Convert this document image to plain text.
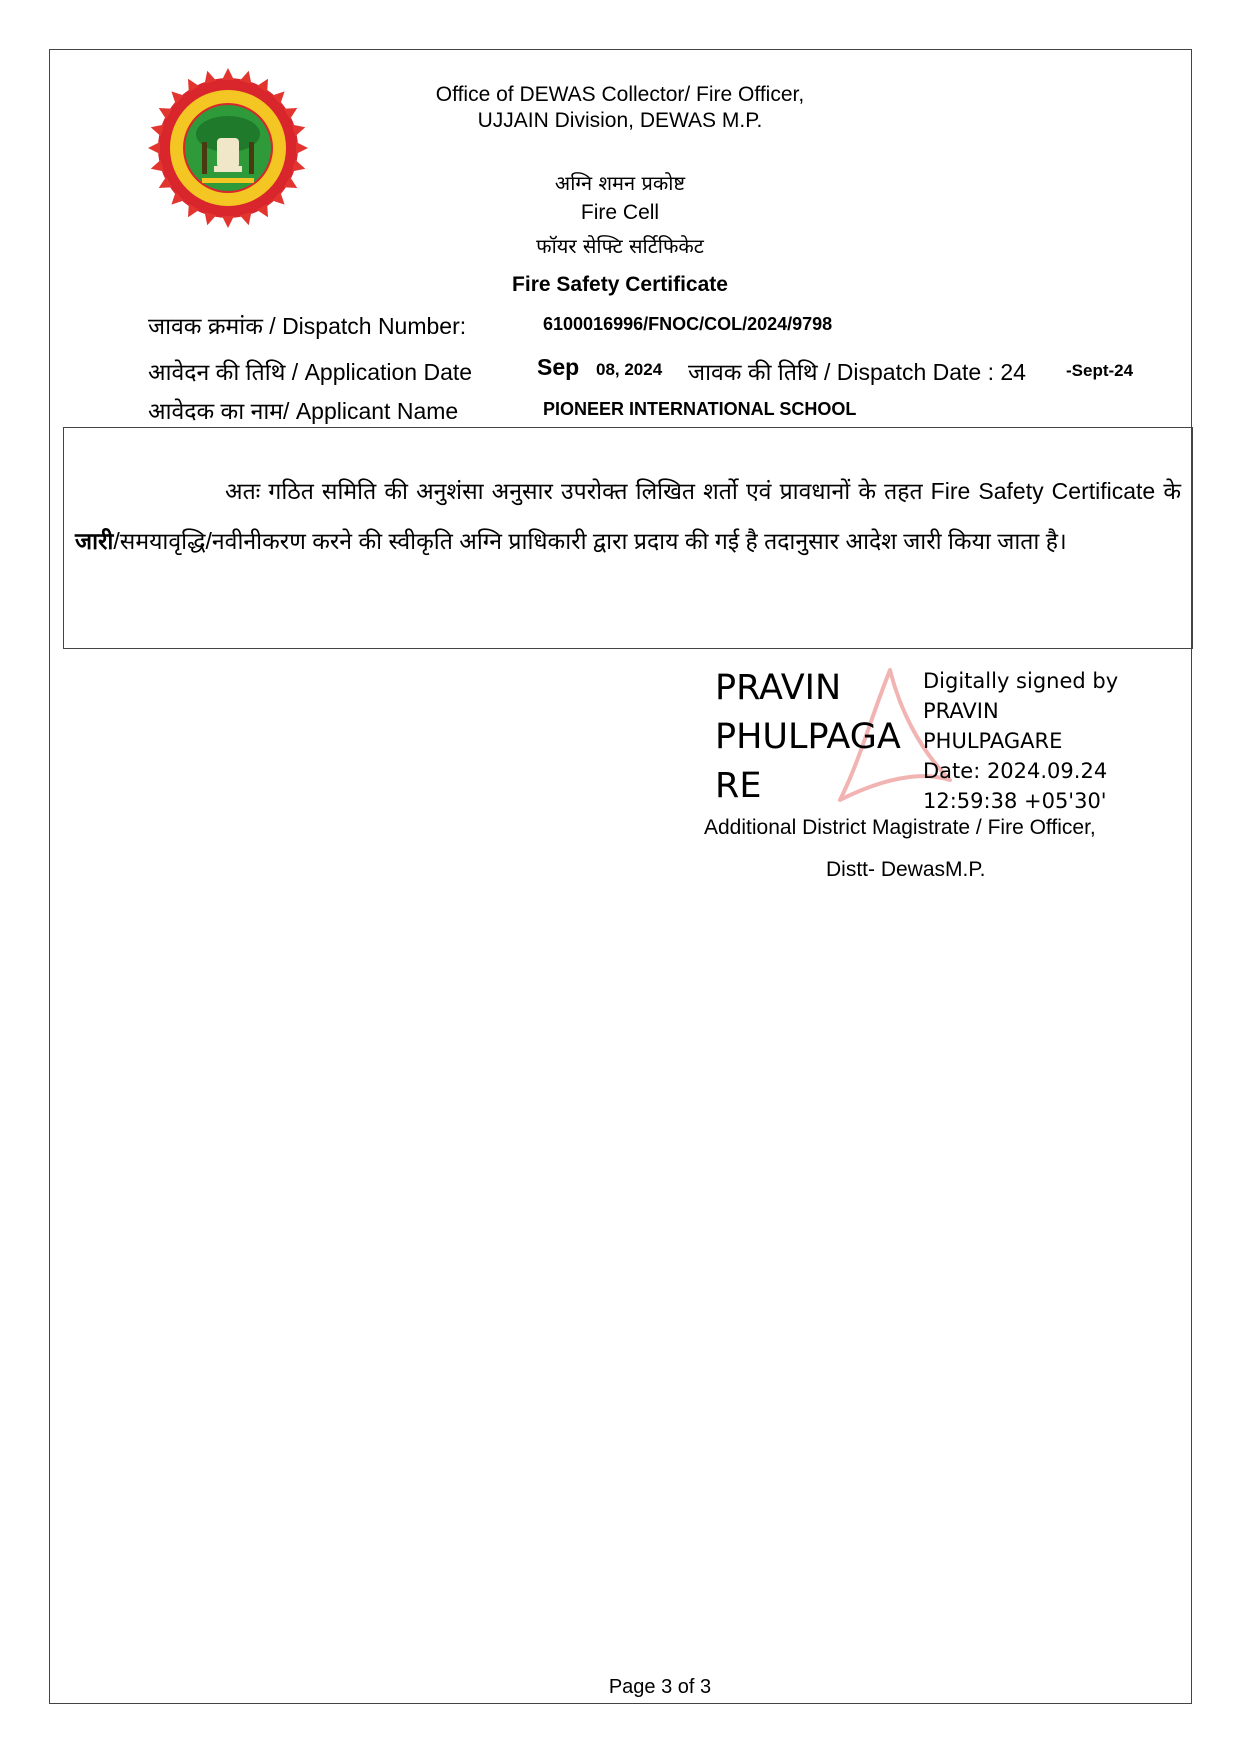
Office of DEWAS Collector/ Fire Officer,
UJJAIN Division, DEWAS M.P.
अग्नि शमन प्रकोष्ट
Fire Cell
फॉयर सेफ्टि सर्टिफिकेट
Fire Safety Certificate
जावक क्रमांक / Dispatch Number:	6100016996/FNOC/COL/2024/9798
आवेदन की तिथि / Application Date	Sep 08, 2024 जावक की तिथि / Dispatch Date : 24 -Sept-24
आवेदक का नाम/ Applicant Name	PIONEER INTERNATIONAL SCHOOL
अतः गठित समिति की अनुशंसा अनुसार उपरोक्त लिखित शर्तो एवं प्रावधानों के तहत Fire Safety Certificate के जारी/समयावृद्धि/नवीनीकरण करने की स्वीकृति अग्नि प्राधिकारी द्वारा प्रदाय की गई है तदानुसार आदेश जारी किया जाता है।
PRAVIN
PHULPAGA
RE
Digitally signed by
PRAVIN
PHULPAGARE
Date: 2024.09.24
12:59:38 +05'30'
Additional District Magistrate / Fire Officer,
Distt- DewasM.P.
Page 3 of 3
